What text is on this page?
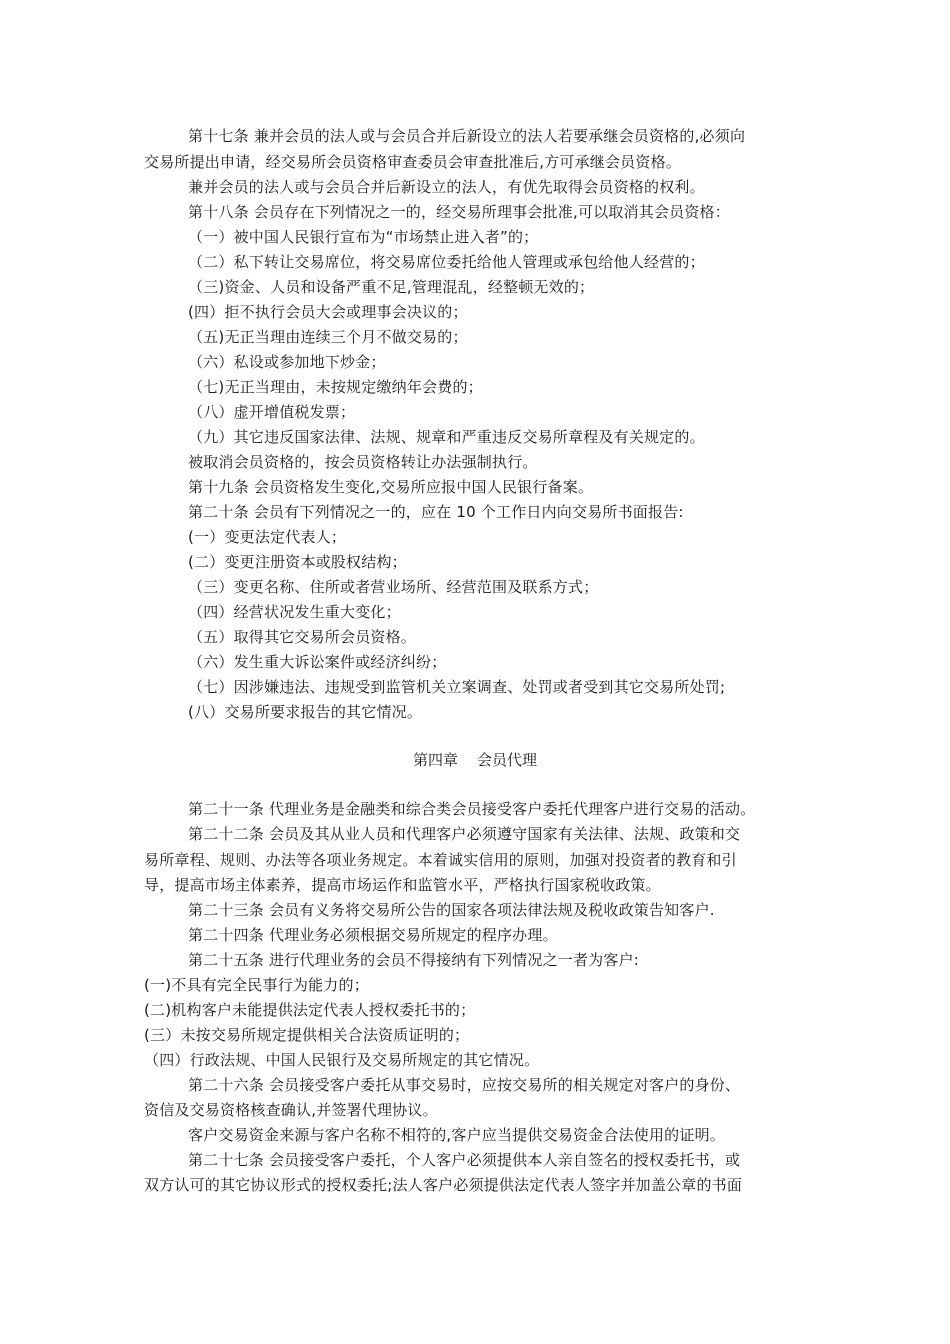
第十七条 兼并会员的法人或与会员合并后新设立的法人若要承继会员资格的,必须向
交易所提出申请，经交易所会员资格审查委员会审查批准后,方可承继会员资格。
兼并会员的法人或与会员合并后新设立的法人，有优先取得会员资格的权利。
第十八条 会员存在下列情况之一的，经交易所理事会批准,可以取消其会员资格：
（一）被中国人民银行宣布为“市场禁止进入者”的；
（二）私下转让交易席位，将交易席位委托给他人管理或承包给他人经营的；
（三)资金、人员和设备严重不足,管理混乱，经整顿无效的；
(四）拒不执行会员大会或理事会决议的；
（五)无正当理由连续三个月不做交易的；
（六）私设或参加地下炒金；
（七)无正当理由，未按规定缴纳年会费的；
（八）虚开增值税发票；
（九）其它违反国家法律、法规、规章和严重违反交易所章程及有关规定的。
被取消会员资格的，按会员资格转让办法强制执行。
第十九条 会员资格发生变化,交易所应报中国人民银行备案。
第二十条 会员有下列情况之一的，应在 10 个工作日内向交易所书面报告:
(一）变更法定代表人；
(二）变更注册资本或股权结构；
（三）变更名称、住所或者营业场所、经营范围及联系方式；
（四）经营状况发生重大变化；
（五）取得其它交易所会员资格。
（六）发生重大诉讼案件或经济纠纷；
（七）因涉嫌违法、违规受到监管机关立案调查、处罚或者受到其它交易所处罚;
(八）交易所要求报告的其它情况。
第四章    会员代理
第二十一条 代理业务是金融类和综合类会员接受客户委托代理客户进行交易的活动。
第二十二条 会员及其从业人员和代理客户必须遵守国家有关法律、法规、政策和交
易所章程、规则、办法等各项业务规定。本着诚实信用的原则，加强对投资者的教育和引
导，提高市场主体素养，提高市场运作和监管水平，严格执行国家税收政策。
第二十三条 会员有义务将交易所公告的国家各项法律法规及税收政策告知客户.
第二十四条 代理业务必须根据交易所规定的程序办理。
第二十五条 进行代理业务的会员不得接纳有下列情况之一者为客户:
(一)不具有完全民事行为能力的；
(二)机构客户未能提供法定代表人授权委托书的；
(三）未按交易所规定提供相关合法资质证明的；
（四）行政法规、中国人民银行及交易所规定的其它情况。
第二十六条 会员接受客户委托从事交易时，应按交易所的相关规定对客户的身份、
资信及交易资格核查确认,并签署代理协议。
客户交易资金来源与客户名称不相符的,客户应当提供交易资金合法使用的证明。
第二十七条 会员接受客户委托，个人客户必须提供本人亲自签名的授权委托书，或
双方认可的其它协议形式的授权委托;法人客户必须提供法定代表人签字并加盖公章的书面
